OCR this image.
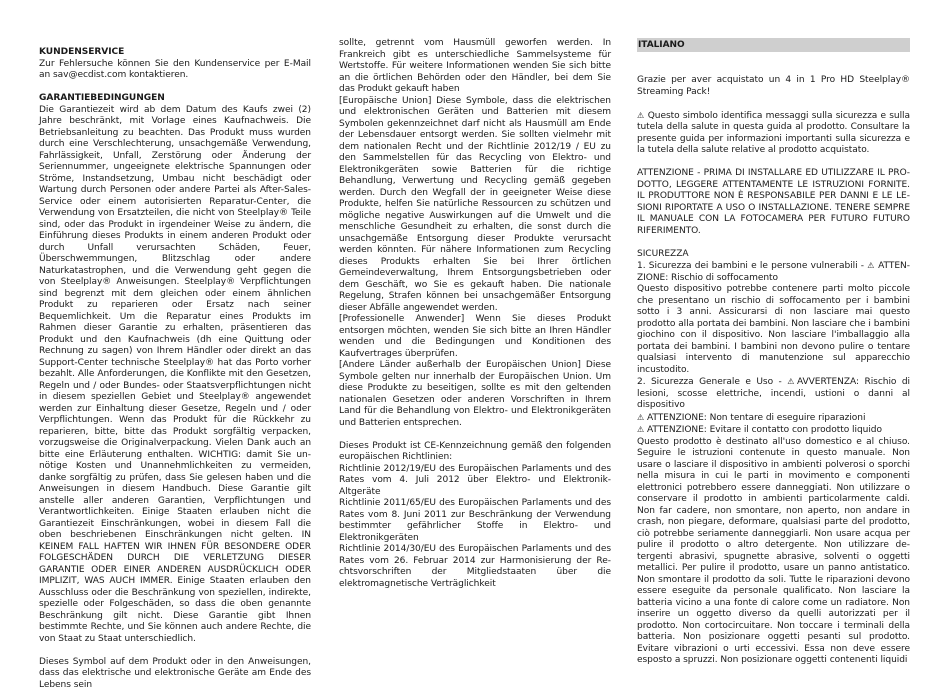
KUNDENSERVICE

Zur Fehlersuche können Sie den Kundenservice per E-Mail an sav@ecdist.com kontaktieren.

GARANTIEBEDINGUNGEN

Die Garantiezeit wird ab dem Datum des Kaufs zwei (2) Jahre beschränkt, mit Vorlage eines Kaufnachweis. Die Betriebsanleitung zu beachten. Das Produkt muss wurden durch eine Verschlechterung, unsachgemäße Verwendung, Fahrlässigkeit, Unfall, Zerstörung oder Änderung der Seriennummer, ungeeignete elektrische Spannungen oder Ströme, Instandsetzung, Umbau nicht beschädigt oder Wartung durch Personen oder andere Partei als After-Sales-Service oder einem autorisierten Reparatur-Center, die Verwendung von Ersatzteilen, die nicht von Steelplay® Teile sind, oder das Produkt in irgendeiner Weise zu ändern, die Einführung dieses Produkts in einem anderen Produkt oder durch Unfall verursachten Schäden, Feuer, Überschwemmungen, Blitzschlag oder andere Naturkatastrophen, und die Verwendung geht gegen die von Steelplay® Anweisungen. Steelplay® Verpflichtungen sind begrenzt mit dem gleichen oder einem ähnlichen Produkt zu reparieren oder Ersatz nach seiner Bequemlichkeit. Um die Reparatur eines Produkts im Rahmen dieser Garantie zu erhalten, präsentieren das Produkt und den Kaufnachweis (dh eine Quittung oder Rechnung zu sagen) von Ihrem Händler oder direkt an das Support-Center technische Steelplay® hat das Porto vorher bezahlt. Alle Anforderungen, die Konflikte mit den Gesetzen, Regeln und / oder Bundes- oder Staatsverpflichtungen nicht in diesem speziellen Gebiet und Steelplay® angewendet werden zur Einhaltung dieser Gesetze, Regeln und / oder Verpflichtungen. Wenn das Produkt für die Rückkehr zu reparieren, bitte, bitte das Produkt sorgfältig verpacken, vorzugsweise die Originalverpackung. Vielen Dank auch an bitte eine Erläuterung enthalten. WICHTIG: damit Sie unnötige Kosten und Unannehmlichkeiten zu vermeiden, danke sorgfältig zu prüfen, dass Sie gelesen haben und die Anweisungen in diesem Handbuch. Diese Garantie gilt anstelle aller anderen Garantien, Verpflichtungen und Verantwortlichkeiten. Einige Staaten erlauben nicht die Garantiezeit Einschränkungen, wobei in diesem Fall die oben beschriebenen Einschränkungen nicht gelten. IN KEINEM FALL HAFTEN WIR IHNEN FÜR BESONDERE ODER FOLGESCHÄDEN DURCH DIE VERLETZUNG DIESER GARANTIE ODER EINER ANDEREN AUSDRÜCKLICH ODER IMPLIZIT, WAS AUCH IMMER. Einige Staaten erlauben den Ausschluss oder die Beschränkung von speziellen, indirekte, spezielle oder Folgeschäden, so dass die oben genannte Beschränkung gilt nicht. Diese Garantie gibt Ihnen bestimmte Rechte, und Sie können auch andere Rechte, die von Staat zu Staat unterschiedlich.

Dieses Symbol auf dem Produkt oder in den Anweisungen, dass das elektrische und elektronische Geräte am Ende des Lebens sein

sollte, getrennt vom Hausmüll geworfen werden. In Frankreich gibt es unterschiedliche Sammelsysteme für Wertstoffe. Für weitere Informationen wenden Sie sich bitte an die örtlichen Behörden oder den Händler, bei dem Sie das Produkt gekauft haben

[Europäische Union] Diese Symbole, dass die elektrischen und elektronischen Geräten und Batterien mit diesem Symbolen gekennzeichnet darf nicht als Hausmüll am Ende der Lebensdauer entsorgt werden. Sie sollten vielmehr mit dem nationalen Recht und der Richtlinie 2012/19 / EU zu den Sammelstellen für das Recycling von Elektro- und Elektronikgeräten sowie Batterien für die richtige Behandlung, Verwertung und Recycling gemäß gegeben werden. Durch den Wegfall der in geeigneter Weise diese Produkte, helfen Sie natürliche Ressourcen zu schützen und mögliche negative Auswirkungen auf die Umwelt und die menschliche Gesundheit zu erhalten, die sonst durch die unsachgemäße Entsorgung dieser Produkte verursacht werden könnten. Für nähere Informationen zum Recycling dieses Produkts erhalten Sie bei Ihrer örtlichen Gemeindeverwaltung, Ihrem Entsorgungsbetrieben oder dem Geschäft, wo Sie es gekauft haben. Die nationale Regelung, Strafen können bei unsachgemäßer Entsorgung dieser Abfälle angewendet werden.

[Professionelle Anwender] Wenn Sie dieses Produkt entsorgen möchten, wenden Sie sich bitte an Ihren Händler wenden und die Bedingungen und Konditionen des Kaufvertrages überprüfen.

[Andere Länder außerhalb der Europäischen Union] Diese Symbole gelten nur innerhalb der Europäischen Union. Um diese Produkte zu beseitigen, sollte es mit den geltenden nationalen Gesetzen oder anderen Vorschriften in Ihrem Land für die Behandlung von Elektro- und Elektronikgeräten und Batterien entsprechen.

Dieses Produkt ist CE-Kennzeichnung gemäß den folgenden europäischen Richtlinien:

Richtlinie 2012/19/EU des Europäischen Parlaments und des Rates vom 4. Juli 2012 über Elektro- und Elektronik-Altgeräte

Richtlinie 2011/65/EU des Europäischen Parlaments und des Rates vom 8. Juni 2011 zur Beschränkung der Verwendung bestimmter gefährlicher Stoffe in Elektro- und Elektronikgeräten

Richtlinie 2014/30/EU des Europäischen Parlaments und des Rates vom 26. Februar 2014 zur Harmonisierung der Rechtsvorschriften der Mitgliedstaaten über die elektromagnetische Verträglichkeit

ITALIANO

Grazie per aver acquistato un 4 in 1 Pro HD Steelplay® Streaming Pack!

⚠ Questo simbolo identifica messaggi sulla sicurezza e sulla tutela della salute in questa guida al prodotto. Consultare la presente guida per informazioni importanti sulla sicurezza e la tutela della salute relative al prodotto acquistato.

ATTENZIONE - PRIMA DI INSTALLARE ED UTILIZZARE IL PRODOTTO, LEGGERE ATTENTAMENTE LE ISTRUZIONI FORNITE. IL PRODUTTORE NON È RESPONSABILE PER DANNI E LE LESIONI RIPORTATE A USO O INSTALLAZIONE. TENERE SEMPRE IL MANUALE CON LA FOTOCAMERA PER FUTURO FUTURO RIFERIMENTO.

SICUREZZA

1. Sicurezza dei bambini e le persone vulnerabili - ⚠ ATTENZIONE: Rischio di soffocamento

Questo dispositivo potrebbe contenere parti molto piccole che presentano un rischio di soffocamento per i bambini sotto i 3 anni. Assicurarsi di non lasciare mai questo prodotto alla portata dei bambini. Non lasciare che i bambini giochino con il dispositivo. Non lasciare l'imballaggio alla portata dei bambini. I bambini non devono pulire o tentare qualsiasi intervento di manutenzione sul apparecchio incustodito.

2. Sicurezza Generale e Uso - ⚠AVVERTENZA: Rischio di lesioni, scosse elettriche, incendi, ustioni o danni al dispositivo

⚠ ATTENZIONE: Non tentare di eseguire riparazioni

⚠ ATTENZIONE: Evitare il contatto con prodotto liquido

Questo prodotto è destinato all'uso domestico e al chiuso. Seguire le istruzioni contenute in questo manuale. Non usare o lasciare il dispositivo in ambienti polverosi o sporchi nella misura in cui le parti in movimento e componenti elettronici potrebbero essere danneggiati. Non utilizzare o conservare il prodotto in ambienti particolarmente caldi. Non far cadere, non smontare, non aperto, non andare in crash, non piegare, deformare, qualsiasi parte del prodotto, ciò potrebbe seriamente danneggiarli. Non usare acqua per pulire il prodotto o altro detergente. Non utilizzare detergenti abrasivi, spugnette abrasive, solventi o oggetti metallici. Per pulire il prodotto, usare un panno antistatico. Non smontare il prodotto da soli. Tutte le riparazioni devono essere eseguite da personale qualificato. Non lasciare la batteria vicino a una fonte di calore come un radiatore. Non inserire un oggetto diverso da quelli autorizzati per il prodotto. Non cortocircuitare. Non toccare i terminali della batteria. Non posizionare oggetti pesanti sul prodotto. Evitare vibrazioni o urti eccessivi. Essa non deve essere esposto a spruzzi. Non posizionare oggetti contenenti liquidi
